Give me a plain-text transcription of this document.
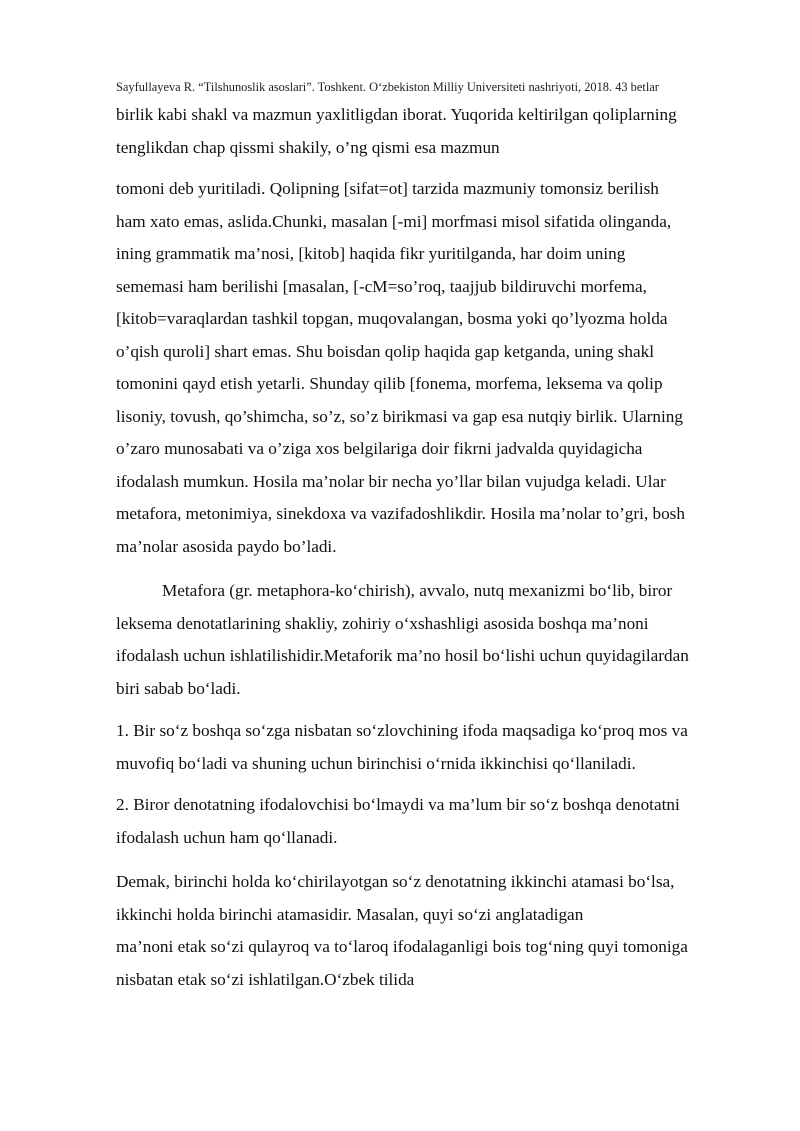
Sayfullayeva R. “Tilshunoslik asoslari”. Toshkent. O‘zbekiston Milliy Universiteti nashriyoti, 2018. 43 betlar
birlik kabi shakl va mazmun yaxlitligdan iborat. Yuqorida keltirilgan qoliplarning
tenglikdan chap qissmi shakily, o’ng qismi esa mazmun
tomoni deb yuritiladi. Qolipning [sifat=ot] tarzida mazmuniy tomonsiz berilish
ham xato emas, aslida.Chunki, masalan [-mi] morfmasi misol sifatida olinganda,
ining grammatik ma’nosi, [kitob] haqida fikr yuritilganda, har doim uning
sememasi ham berilishi [masalan, [-cM=so’roq, taajjub bildiruvchi morfema,
[kitob=varaqlardan tashkil topgan, muqovalangan, bosma yoki qo’lyozma holda
o’qish quroli] shart emas. Shu boisdan qolip haqida gap ketganda, uning shakl
tomonini qayd etish yetarli. Shunday qilib [fonema, morfema, leksema va qolip
lisoniy, tovush, qo’shimcha, so’z, so’z birikmasi va gap esa nutqiy birlik. Ularning
o’zaro munosabati va o’ziga xos belgilariga doir fikrni jadvalda quyidagicha
ifodalash mumkun. Hosila ma’nolar bir necha yo’llar bilan vujudga keladi. Ular
metafora, metonimiya, sinekdoxa va vazifadoshlikdir. Hosila ma’nolar to’gri, bosh
ma’nolar asosida paydo bo’ladi.
Metafora (gr. metaphora-ko‘chirish), avvalo, nutq mexanizmi bo‘lib, biror
leksema denotatlarining shakliy, zohiriy o‘xshashligi asosida boshqa ma’noni
ifodalash uchun ishlatilishidir.Metaforik ma’no hosil bo‘lishi uchun quyidagilardan
biri sabab bo‘ladi.
1. Bir so‘z boshqa so‘zga nisbatan so‘zlovchining ifoda maqsadiga ko‘proq mos va
muvofiq bo‘ladi va shuning uchun birinchisi o‘rnida ikkinchisi qo‘llaniladi.
2. Biror denotatning ifodalovchisi bo‘lmaydi va ma’lum bir so‘z boshqa denotatni
ifodalash uchun ham qo‘llanadi.
Demak, birinchi holda ko‘chirilayotgan so‘z denotatning ikkinchi atamasi bo‘lsa,
ikkinchi holda birinchi atamasidir. Masalan, quyi so‘zi anglatadigan
ma’noni etak so‘zi qulayroq va to‘laroq ifodalaganligi bois tog‘ning quyi tomoniga
nisbatan etak so‘zi ishlatilgan.O‘zbek tilida
